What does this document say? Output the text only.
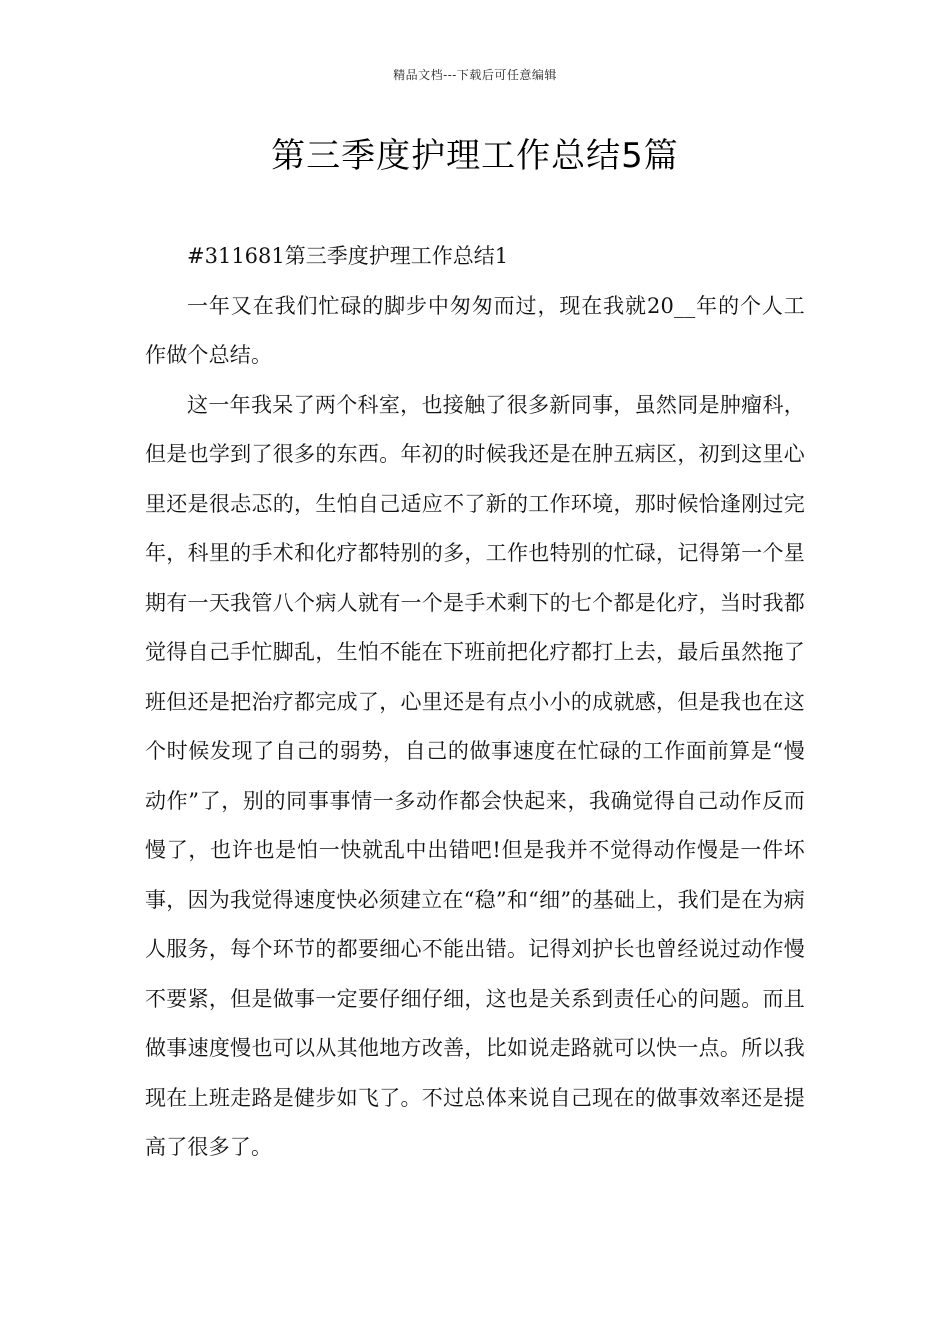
精品文档---下载后可任意编辑
第三季度护理工作总结5篇

#311681第三季度护理工作总结1

一年又在我们忙碌的脚步中匆匆而过，现在我就20__年的个人工作做个总结。

这一年我呆了两个科室，也接触了很多新同事，虽然同是肿瘤科，但是也学到了很多的东西。年初的时候我还是在肿五病区，初到这里心里还是很忐忑的，生怕自己适应不了新的工作环境，那时候恰逢刚过完年，科里的手术和化疗都特别的多，工作也特别的忙碌，记得第一个星期有一天我管八个病人就有一个是手术剩下的七个都是化疗，当时我都觉得自己手忙脚乱，生怕不能在下班前把化疗都打上去，最后虽然拖了班但还是把治疗都完成了，心里还是有点小小的成就感，但是我也在这个时候发现了自己的弱势，自己的做事速度在忙碌的工作面前算是“慢动作”了，别的同事事情一多动作都会快起来，我确觉得自己动作反而慢了，也许也是怕一快就乱中出错吧!但是我并不觉得动作慢是一件坏事，因为我觉得速度快必须建立在“稳”和“细”的基础上，我们是在为病人服务，每个环节的都要细心不能出错。记得刘护长也曾经说过动作慢不要紧，但是做事一定要仔细仔细，这也是关系到责任心的问题。而且做事速度慢也可以从其他地方改善，比如说走路就可以快一点。所以我现在上班走路是健步如飞了。不过总体来说自己现在的做事效率还是提高了很多了。
